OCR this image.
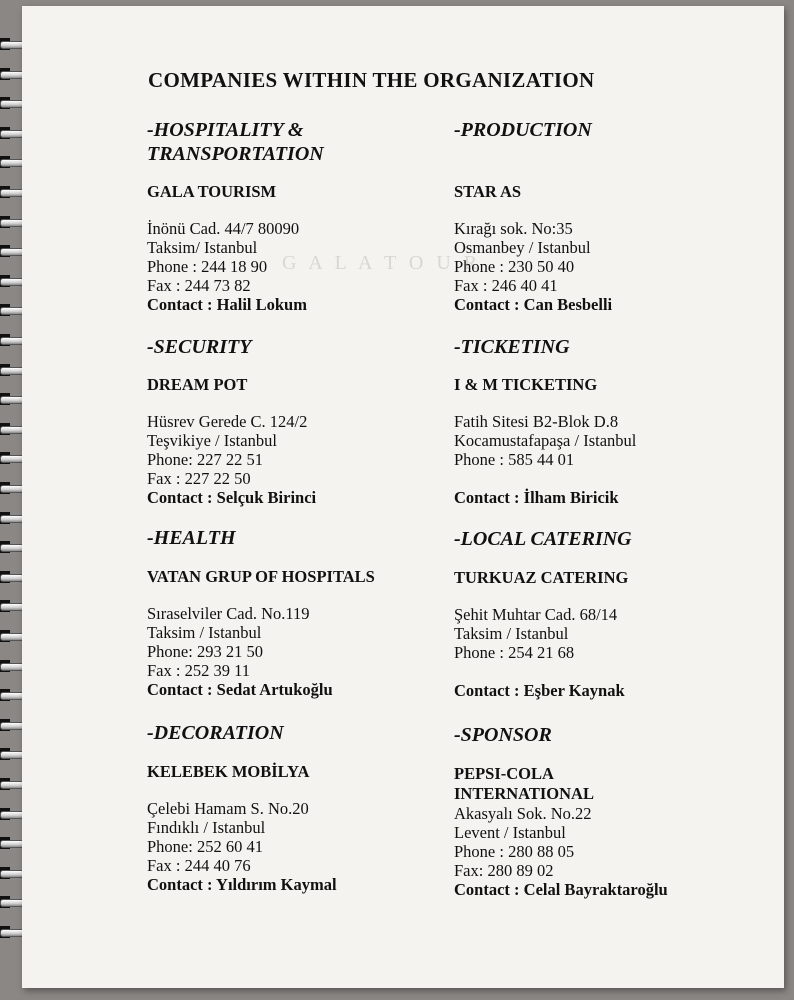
G A L A T O U R
COMPANIES WITHIN THE ORGANIZATION
-HOSPITALITY &
TRANSPORTATION
GALA TOURISM
İnönü Cad. 44/7 80090
Taksim/ Istanbul
Phone : 244 18 90
Fax : 244 73 82
Contact : Halil Lokum
-SECURITY
DREAM POT
Hüsrev Gerede C. 124/2
Teşvikiye / Istanbul
Phone: 227 22 51
Fax : 227 22 50
Contact : Selçuk Birinci
-HEALTH
VATAN GRUP OF HOSPITALS
Sıraselviler Cad. No.119
Taksim / Istanbul
Phone: 293 21 50
Fax : 252 39 11
Contact : Sedat Artukoğlu
-DECORATION
KELEBEK MOBİLYA
Çelebi Hamam S. No.20
Fındıklı / Istanbul
Phone: 252 60 41
Fax : 244 40 76
Contact : Yıldırım Kaymal
-PRODUCTION
STAR AS
Kırağı sok. No:35
Osmanbey / Istanbul
Phone : 230 50 40
Fax : 246 40 41
Contact : Can Besbelli
-TICKETING
I & M TICKETING
Fatih Sitesi B2-Blok D.8
Kocamustafapaşa / Istanbul
Phone : 585 44 01
Contact : İlham Biricik
-LOCAL CATERING
TURKUAZ CATERING
Şehit Muhtar Cad. 68/14
Taksim / Istanbul
Phone : 254 21 68
Contact : Eşber Kaynak
-SPONSOR
PEPSI-COLA
INTERNATIONAL
Akasyalı Sok. No.22
Levent / Istanbul
Phone : 280 88 05
Fax: 280 89 02
Contact : Celal Bayraktaroğlu
